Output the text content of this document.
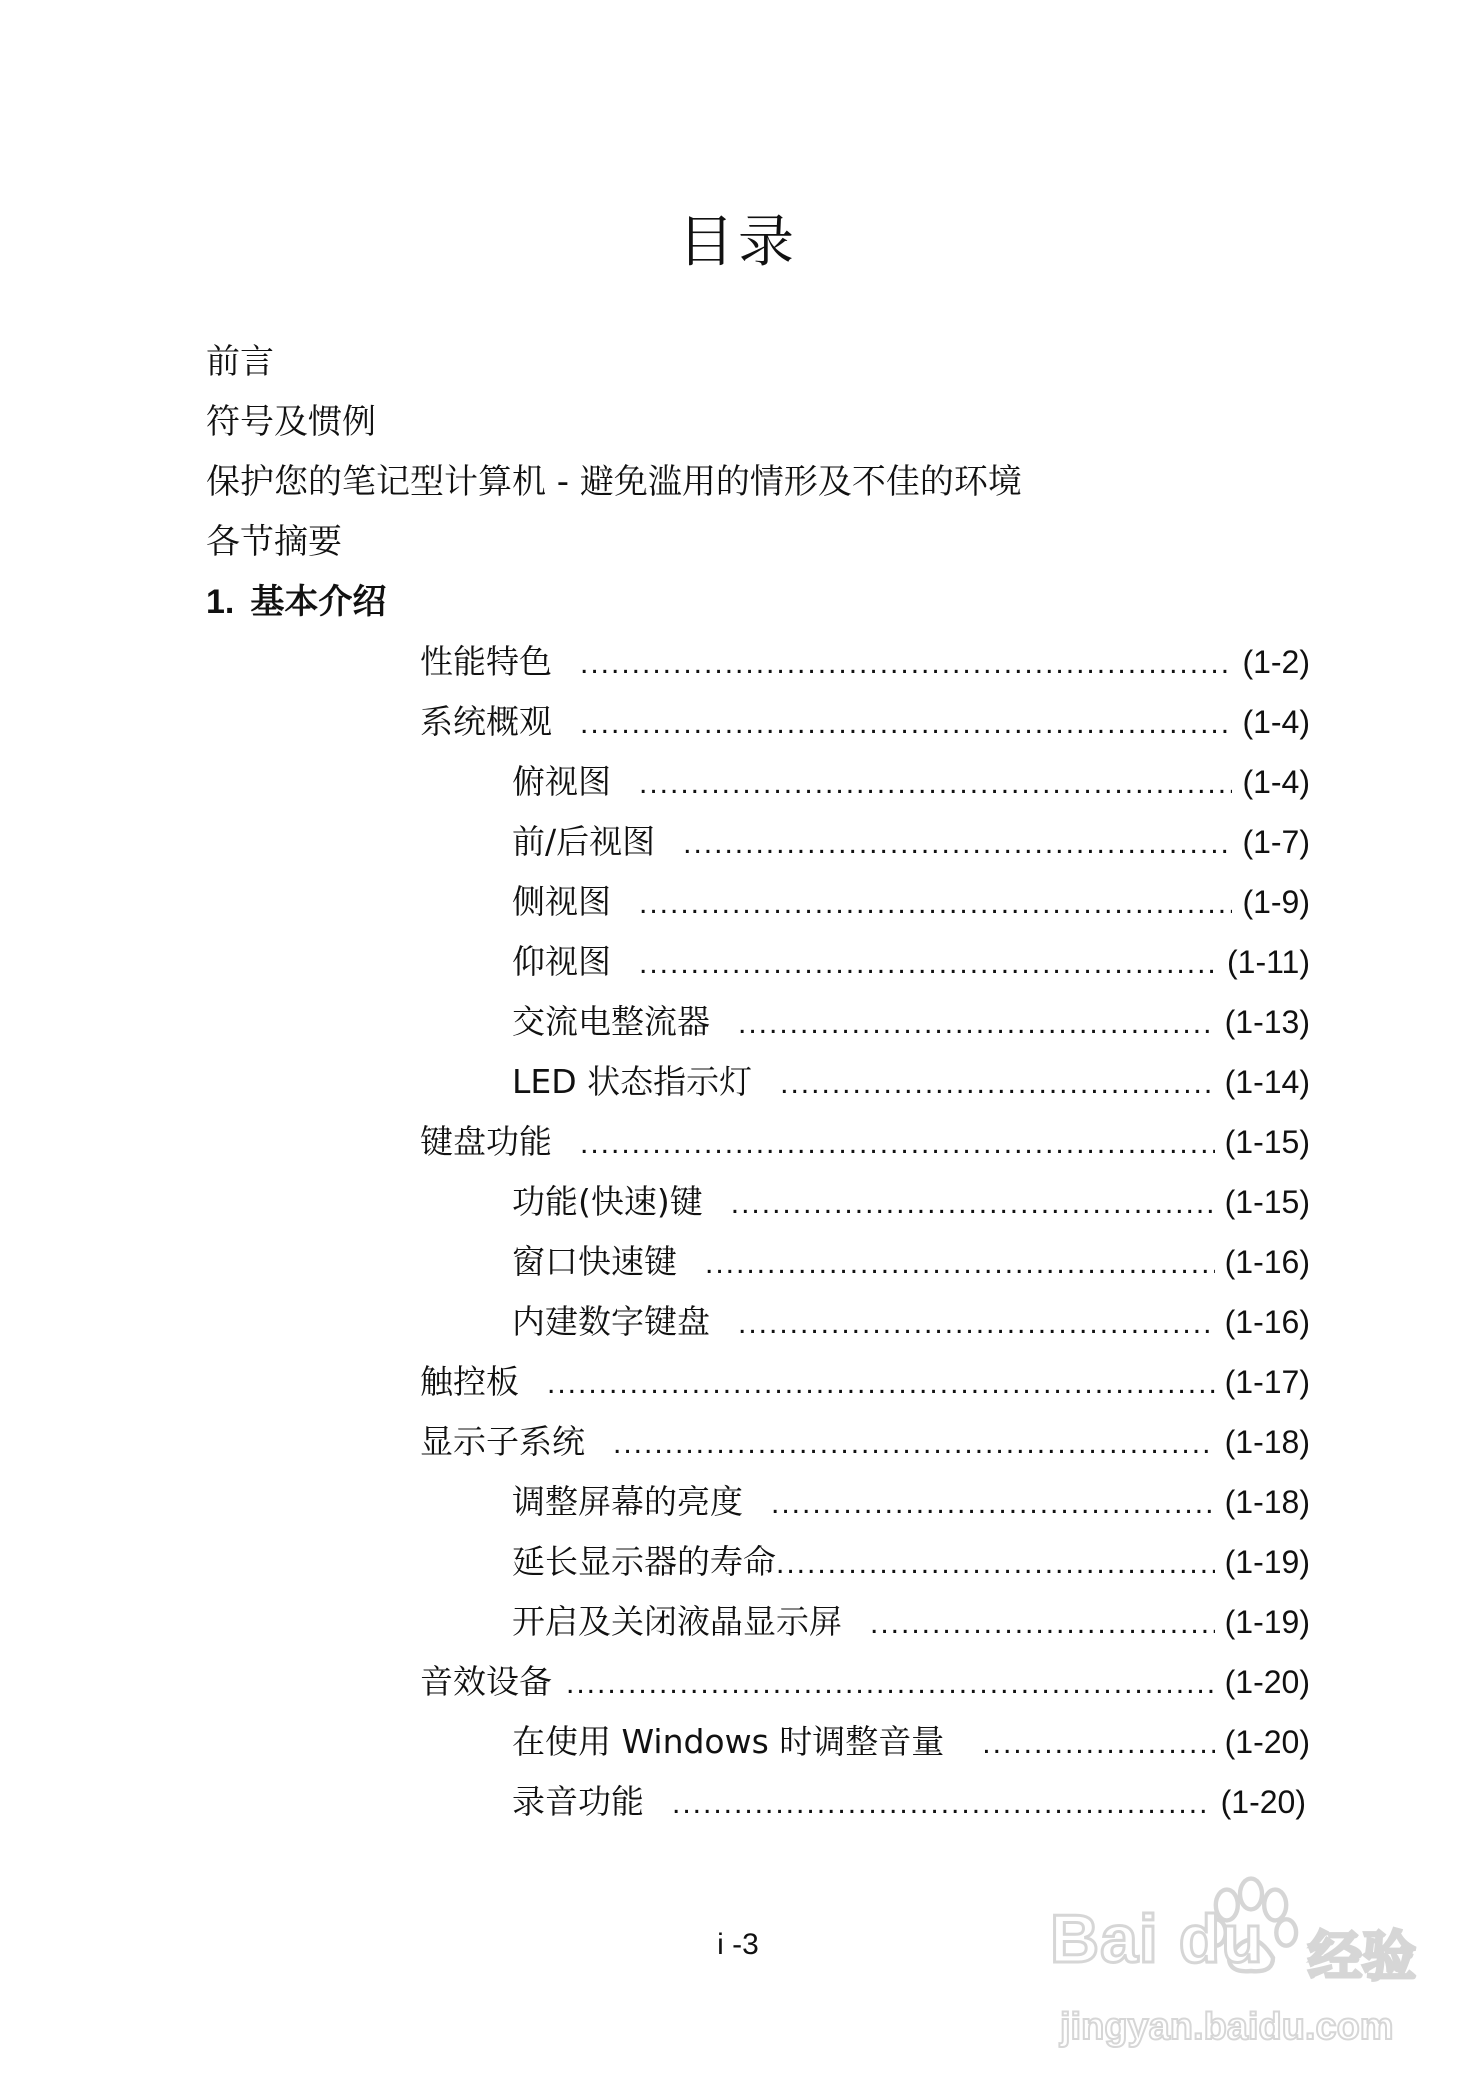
目录
前言
符号及惯例
保护您的笔记型计算机 - 避免滥用的情形及不佳的环境
各节摘要
1. 基本介绍
性能特色 .....	(1-2)
系统概观 .....	(1-4)
俯视图 .....	(1-4)
前/后视图 .....	(1-7)
侧视图 .....	(1-9)
仰视图 .....	(1-11)
交流电整流器 .....	(1-13)
LED 状态指示灯 .....	(1-14)
键盘功能 .....	(1-15)
功能(快速)键 .....	(1-15)
窗口快速键 .....	(1-16)
内建数字键盘 .....	(1-16)
触控板 .....	(1-17)
显示子系统 .....	(1-18)
调整屏幕的亮度 .....	(1-18)
延长显示器的寿命 .....	(1-19)
开启及关闭液晶显示屏 .....	(1-19)
音效设备 .....	(1-20)
在使用 Windows 时调整音量 .....	(1-20)
录音功能 .....	(1-20)
i -3	Bai du 经验
jingyan.baidu.com
